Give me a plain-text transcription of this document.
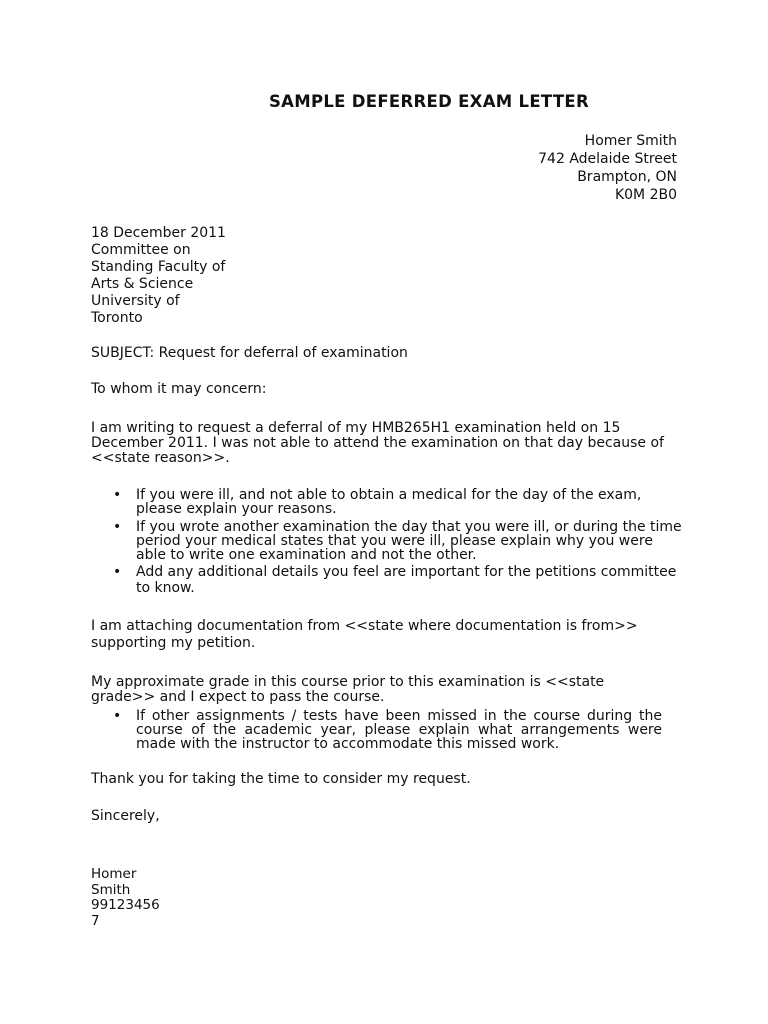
SAMPLE DEFERRED EXAM LETTER
Homer Smith
742 Adelaide Street
Brampton, ON
K0M 2B0
18 December 2011
Committee on
Standing Faculty of
Arts & Science
University of
Toronto

SUBJECT: Request for deferral of examination

To whom it may concern:

I am writing to request a deferral of my HMB265H1 examination held on 15
December 2011. I was not able to attend the examination on that day because of
<<state reason>>.
• If you were ill, and not able to obtain a medical for the day of the exam,
please explain your reasons.
• If you wrote another examination the day that you were ill, or during the time
period your medical states that you were ill, please explain why you were
able to write one examination and not the other.
• Add any additional details you feel are important for the petitions committee
to know.
I am attaching documentation from <<state where documentation is from>>
supporting my petition.
My approximate grade in this course prior to this examination is <<state
grade>> and I expect to pass the course.
• If other assignments / tests have been missed in the course during the course of the academic year, please explain what arrangements were made with the instructor to accommodate this missed work.

Thank you for taking the time to consider my request.

Sincerely,

Homer
Smith
99123456
7
